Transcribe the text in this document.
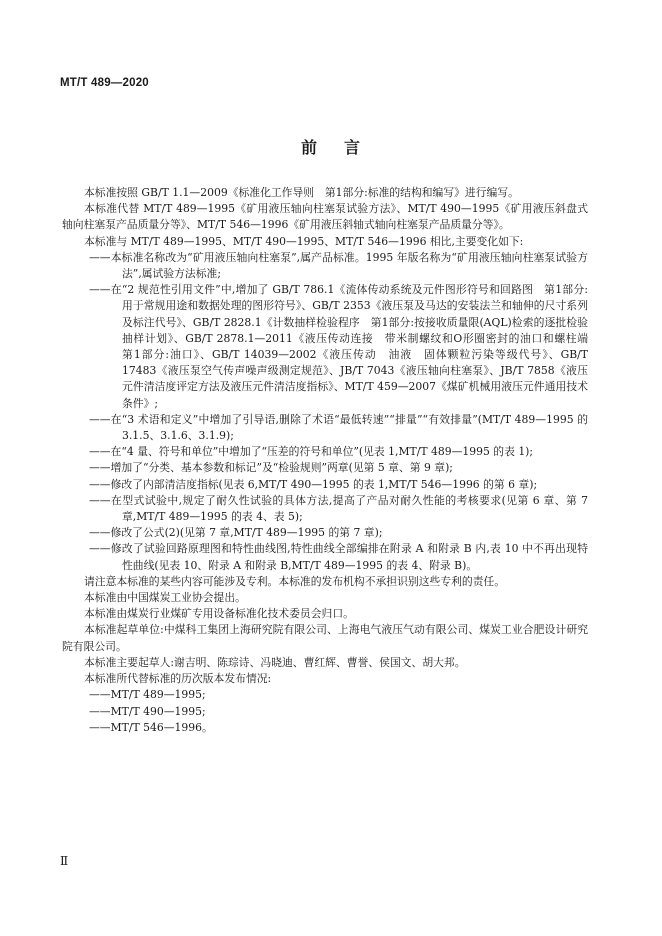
MT/T 489—2020
前 言

本标准按照 GB/T 1.1—2009《标准化工作导则　第1部分:标准的结构和编写》进行编写。

本标准代替 MT/T 489—1995《矿用液压轴向柱塞泵试验方法》、MT/T 490—1995《矿用液压斜盘式轴向柱塞泵产品质量分等》、MT/T 546—1996《矿用液压斜轴式轴向柱塞泵产品质量分等》。

本标准与 MT/T 489—1995、MT/T 490—1995、MT/T 546—1996 相比,主要变化如下:

——本标准名称改为“矿用液压轴向柱塞泵”,属产品标准。1995 年版名称为“矿用液压轴向柱塞泵试验方法”,属试验方法标准;

——在“2 规范性引用文件”中,增加了 GB/T 786.1《流体传动系统及元件图形符号和回路图　第1部分:用于常规用途和数据处理的图形符号》、GB/T 2353《液压泵及马达的安装法兰和轴伸的尺寸系列及标注代号》、GB/T 2828.1《计数抽样检验程序　第1部分:按接收质量限(AQL)检索的逐批检验抽样计划》、GB/T 2878.1—2011《液压传动连接　带米制螺纹和O形圈密封的油口和螺柱端　第1部分:油口》、GB/T 14039—2002《液压传动　油液　固体颗粒污染等级代号》、GB/T 17483《液压泵空气传声噪声级测定规范》、JB/T 7043《液压轴向柱塞泵》、JB/T 7858《液压元件清洁度评定方法及液压元件清洁度指标》、MT/T 459—2007《煤矿机械用液压元件通用技术条件》;

——在“3 术语和定义”中增加了引导语,删除了术语“最低转速”“排量”“有效排量”(MT/T 489—1995 的 3.1.5、3.1.6、3.1.9);

——在“4 量、符号和单位”中增加了“压差的符号和单位”(见表 1,MT/T 489—1995 的表 1);

——增加了“分类、基本参数和标记”及“检验规则”两章(见第 5 章、第 9 章);

——修改了内部清洁度指标(见表 6,MT/T 490—1995 的表 1,MT/T 546—1996 的第 6 章);

——在型式试验中,规定了耐久性试验的具体方法,提高了产品对耐久性能的考核要求(见第 6 章、第 7 章,MT/T 489—1995 的表 4、表 5);

——修改了公式(2)(见第 7 章,MT/T 489—1995 的第 7 章);

——修改了试验回路原理图和特性曲线图,特性曲线全部编排在附录 A 和附录 B 内,表 10 中不再出现特性曲线(见表 10、附录 A 和附录 B,MT/T 489—1995 的表 4、附录 B)。

请注意本标准的某些内容可能涉及专利。本标准的发布机构不承担识别这些专利的责任。

本标准由中国煤炭工业协会提出。

本标准由煤炭行业煤矿专用设备标准化技术委员会归口。

本标准起草单位:中煤科工集团上海研究院有限公司、上海电气液压气动有限公司、煤炭工业合肥设计研究院有限公司。

本标准主要起草人:谢吉明、陈琮诗、冯晓迪、曹红辉、曹誉、侯国文、胡大邦。

本标准所代替标准的历次版本发布情况:

——MT/T 489—1995;

——MT/T 490—1995;

——MT/T 546—1996。

Ⅱ
